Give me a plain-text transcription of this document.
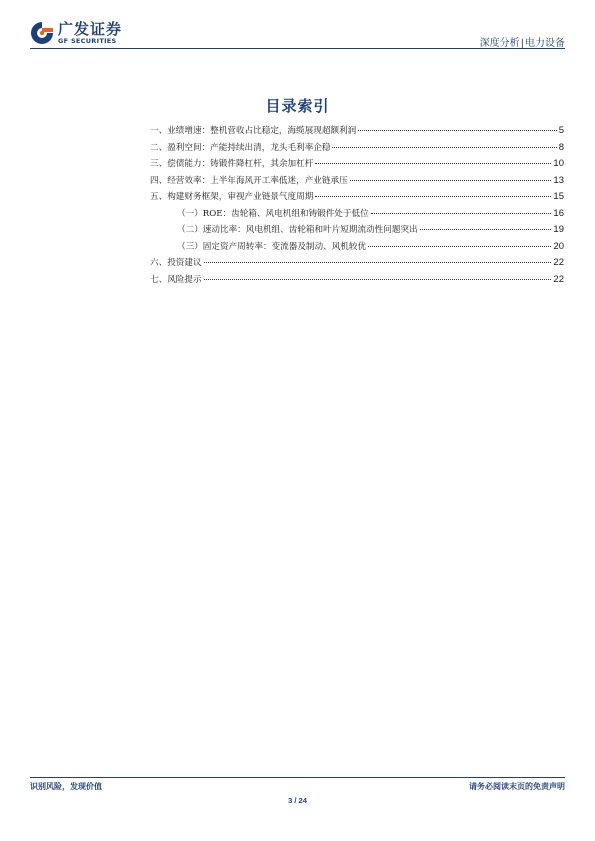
广发证券
GF SECURITIES	深度分析|电力设备
目录索引
一、业绩增速：整机营收占比稳定，海缆展现超额利润	5
二、盈利空间：产能持续出清，龙头毛利率企稳	8
三、偿债能力：铸锻件降杠杆，其余加杠杆	10
四、经营效率：上半年海风开工率低迷，产业链承压	13
五、构建财务框架，审视产业链景气度周期	15
（一）ROE：齿轮箱、风电机组和铸锻件处于低位	16
（二）速动比率：风电机组、齿轮箱和叶片短期流动性问题突出	19
（三）固定资产周转率：变流器及制动、风机较优	20
六、投资建议	22
七、风险提示	22
识别风险，发现价值	请务必阅读末页的免责声明
3 / 24
